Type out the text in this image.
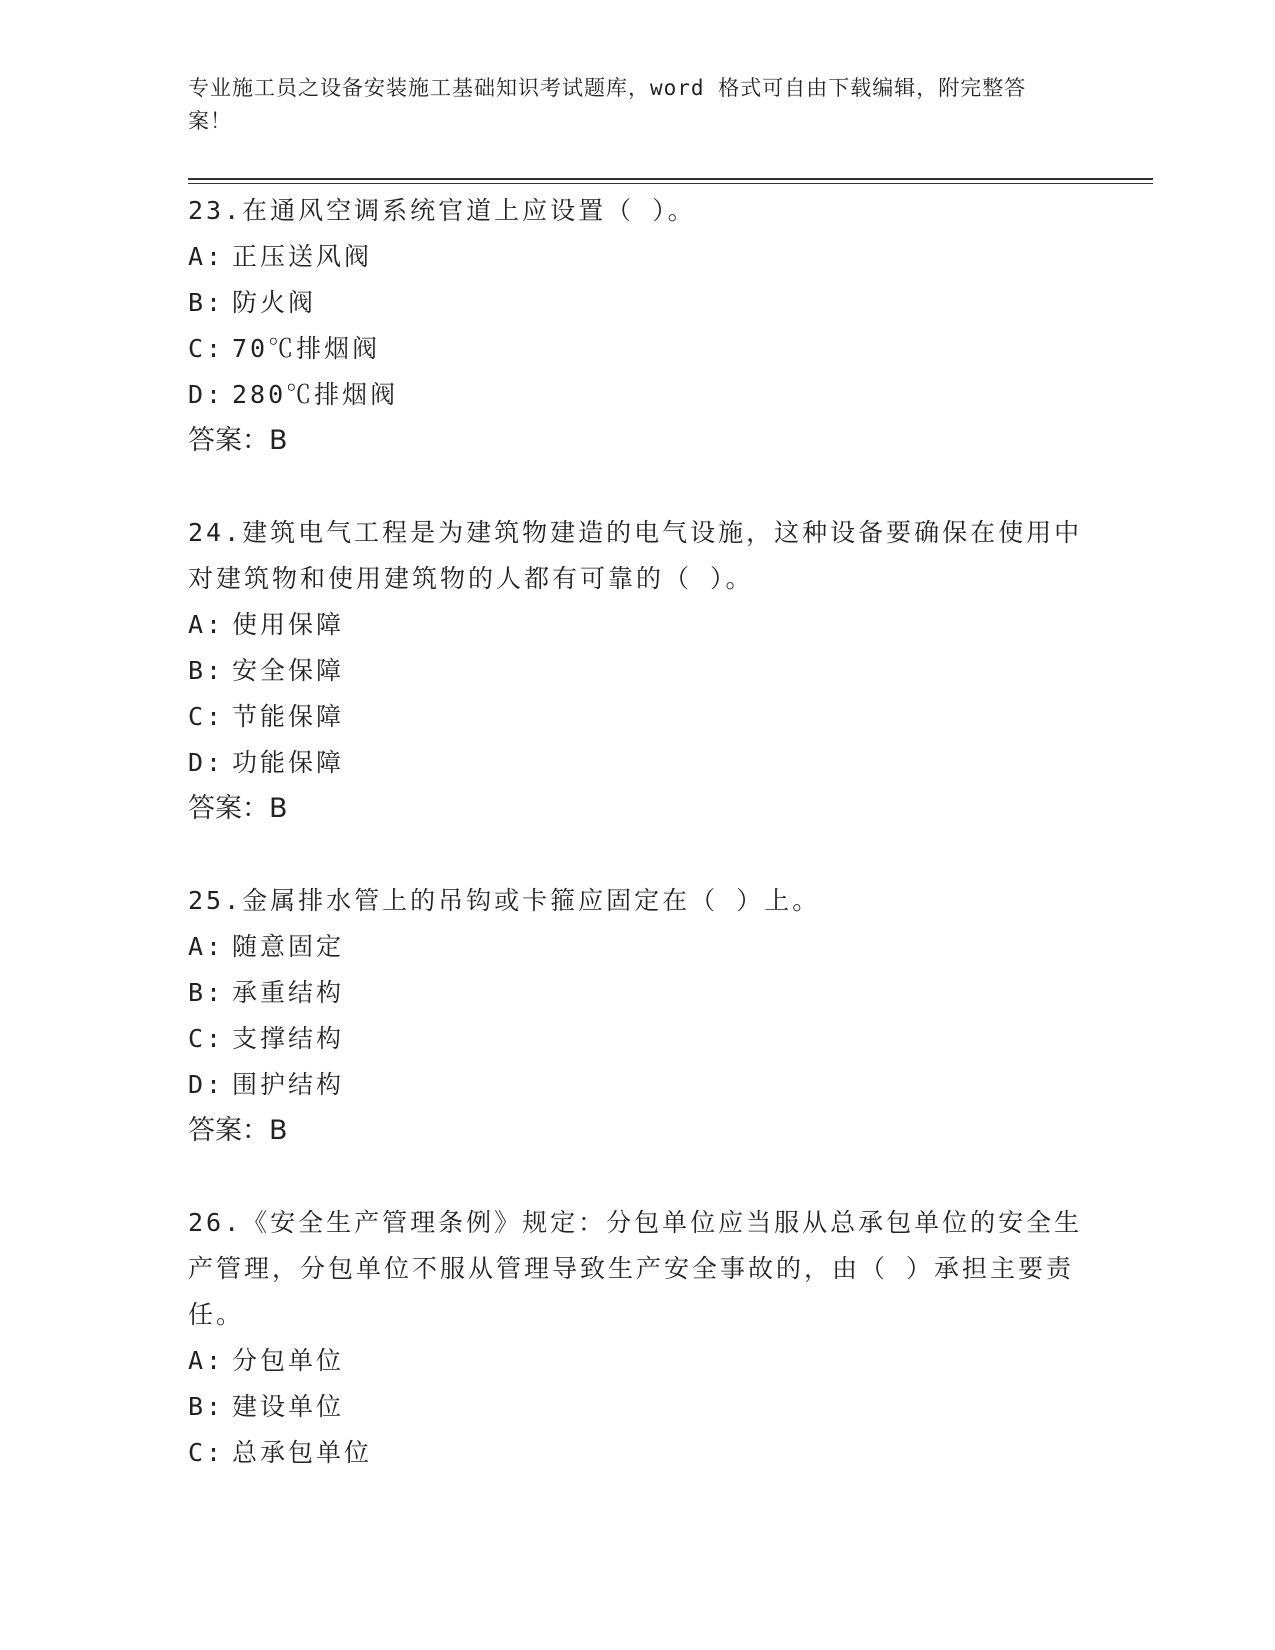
专业施工员之设备安装施工基础知识考试题库，word 格式可自由下载编辑，附完整答案！
23.在通风空调系统官道上应设置（ ）。
A: 正压送风阀
B: 防火阀
C: 70℃排烟阀
D: 280℃排烟阀
答案：B
24.建筑电气工程是为建筑物建造的电气设施，这种设备要确保在使用中对建筑物和使用建筑物的人都有可靠的（ ）。
A: 使用保障
B: 安全保障
C: 节能保障
D: 功能保障
答案：B
25.金属排水管上的吊钩或卡箍应固定在（ ）上。
A: 随意固定
B: 承重结构
C: 支撑结构
D: 围护结构
答案：B
26.《安全生产管理条例》规定：分包单位应当服从总承包单位的安全生产管理，分包单位不服从管理导致生产安全事故的，由（ ）承担主要责任。
A: 分包单位
B: 建设单位
C: 总承包单位
